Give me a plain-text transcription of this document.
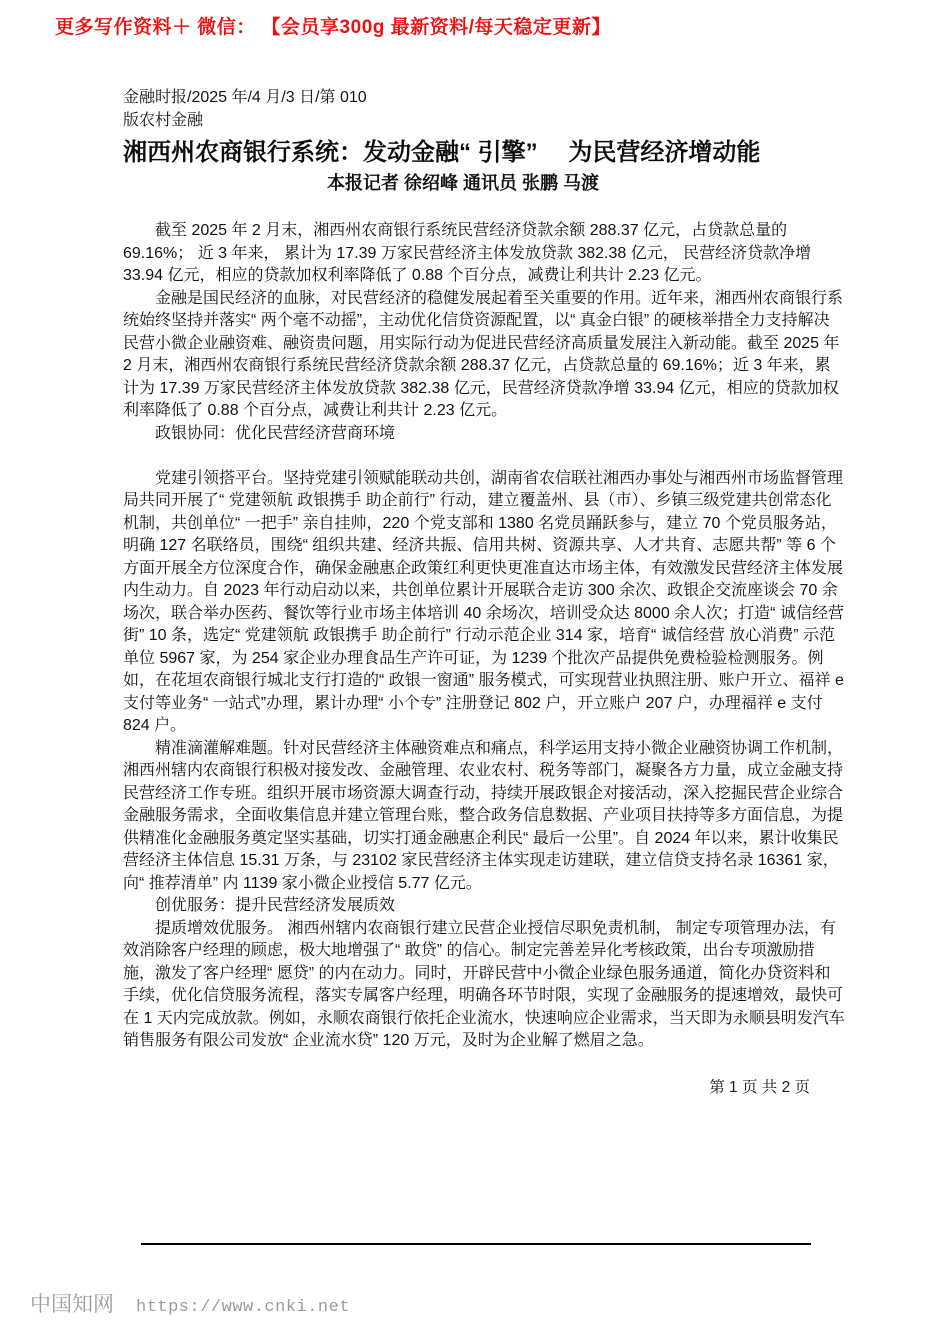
更多写作资料＋ 微信： 【会员享300g 最新资料/每天稳定更新】
金融时报/2025 年/4 月/3 日/第 010
版农村金融
湘西州农商银行系统：发动金融“ 引擎”　 为民营经济增动能
本报记者 徐绍峰 通讯员 张鹏 马渡

截至 2025 年 2 月末，湘西州农商银行系统民营经济贷款余额 288.37 亿元，占贷款总量的 69.16%； 近 3 年来， 累计为 17.39 万家民营经济主体发放贷款 382.38 亿元， 民营经济贷款净增 33.94 亿元，相应的贷款加权利率降低了 0.88 个百分点，减费让利共计 2.23 亿元。

金融是国民经济的血脉，对民营经济的稳健发展起着至关重要的作用。近年来，湘西州农商银行系统始终坚持并落实“ 两个毫不动摇”，主动优化信贷资源配置，以“ 真金白银” 的硬核举措全力支持解决民营小微企业融资难、融资贵问题，用实际行动为促进民营经济高质量发展注入新动能。截至 2025 年 2 月末，湘西州农商银行系统民营经济贷款余额 288.37 亿元，占贷款总量的 69.16%；近 3 年来，累计为 17.39 万家民营经济主体发放贷款 382.38 亿元，民营经济贷款净增 33.94 亿元，相应的贷款加权利率降低了 0.88 个百分点，减费让利共计 2.23 亿元。

政银协同：优化民营经济营商环境

党建引领搭平台。坚持党建引领赋能联动共创，湖南省农信联社湘西办事处与湘西州市场监督管理局共同开展了“ 党建领航 政银携手 助企前行” 行动，建立覆盖州、县（市）、乡镇三级党建共创常态化机制，共创单位“ 一把手” 亲自挂帅，220 个党支部和 1380 名党员踊跃参与，建立 70 个党员服务站，明确 127 名联络员，围绕“ 组织共建、经济共振、信用共树、资源共享、人才共育、志愿共帮” 等 6 个方面开展全方位深度合作，确保金融惠企政策红利更快更准直达市场主体，有效激发民营经济主体发展内生动力。自 2023 年行动启动以来，共创单位累计开展联合走访 300 余次、政银企交流座谈会 70 余场次，联合举办医药、餐饮等行业市场主体培训 40 余场次，培训受众达 8000 余人次；打造“ 诚信经营街” 10 条，选定“ 党建领航 政银携手 助企前行” 行动示范企业 314 家，培育“ 诚信经营 放心消费” 示范单位 5967 家，为 254 家企业办理食品生产许可证，为 1239 个批次产品提供免费检验检测服务。例如，在花垣农商银行城北支行打造的“ 政银一窗通” 服务模式，可实现营业执照注册、账户开立、福祥 e 支付等业务“ 一站式”办理，累计办理“ 小个专” 注册登记 802 户，开立账户 207 户，办理福祥 e 支付 824 户。

精准滴灌解难题。针对民营经济主体融资难点和痛点，科学运用支持小微企业融资协调工作机制，湘西州辖内农商银行积极对接发改、金融管理、农业农村、税务等部门，凝聚各方力量，成立金融支持民营经济工作专班。组织开展市场资源大调查行动，持续开展政银企对接活动，深入挖掘民营企业综合金融服务需求，全面收集信息并建立管理台账，整合政务信息数据、产业项目扶持等多方面信息，为提供精准化金融服务奠定坚实基础，切实打通金融惠企利民“ 最后一公里”。自 2024 年以来，累计收集民营经济主体信息 15.31 万条，与 23102 家民营经济主体实现走访建联，建立信贷支持名录 16361 家，向“ 推荐清单” 内 1139 家小微企业授信 5.77 亿元。

创优服务：提升民营经济发展质效

提质增效优服务。 湘西州辖内农商银行建立民营企业授信尽职免责机制， 制定专项管理办法，有效消除客户经理的顾虑，极大地增强了“ 敢贷” 的信心。制定完善差异化考核政策，出台专项激励措施，激发了客户经理“ 愿贷” 的内在动力。同时，开辟民营中小微企业绿色服务通道，简化办贷资料和手续，优化信贷服务流程，落实专属客户经理，明确各环节时限，实现了金融服务的提速增效，最快可在 1 天内完成放款。例如，永顺农商银行依托企业流水，快速响应企业需求，当天即为永顺县明发汽车销售服务有限公司发放“ 企业流水贷” 120 万元，及时为企业解了燃眉之急。

第 1 页 共 2 页
中国知网 https://www.cnki.net
